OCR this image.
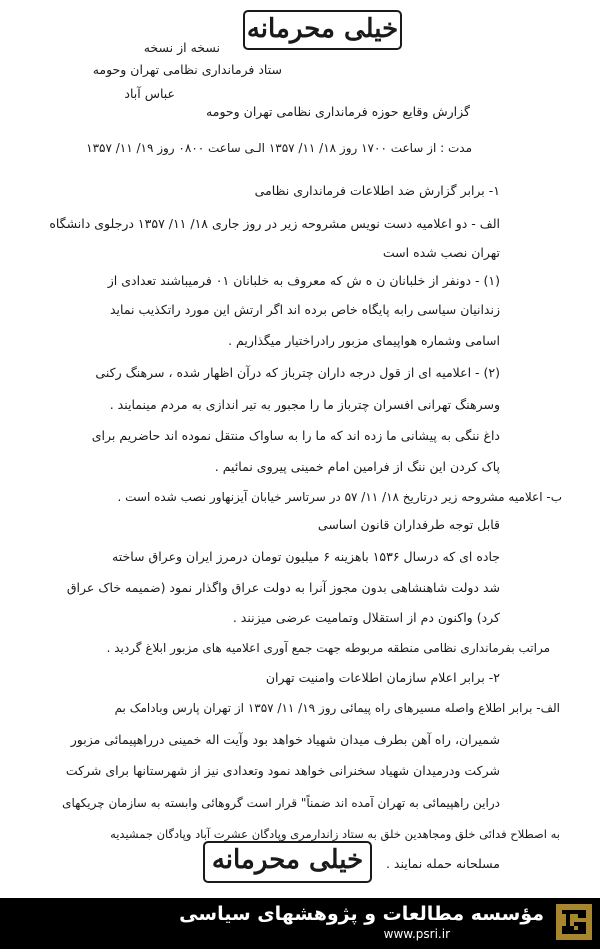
خیلی محرمانه
نسخه از نسخه
ستاد فرمانداری نظامی تهران وحومه
عباس آباد
گزارش وقایع حوزه فرمانداری نظامی تهران وحومه
مدت : از ساعت ۱۷۰۰ روز ۱۸/ ۱۱/ ۱۳۵۷ الـی ساعت ۰۸۰۰ روز ۱۹/ ۱۱/ ۱۳۵۷
۱- برابر گزارش ضد اطلاعات فرمانداری نظامی
الف - دو اعلامیه دست نویس مشروحه زیر در روز جاری ۱۸/ ۱۱/ ۱۳۵۷ درجلوی دانشگاه
تهران نصب شده است
(۱) - دونفر از خلبانان ن ه ش که معروف به خلبانان ۰۱ فرمیباشند تعدادی از
زندانیان سیاسی رابه پایگاه خاص برده اند اگر ارتش این مورد راتکذیب نماید
اسامی وشماره هواپیمای مزبور رادراختیار میگذاریم .
(۲) - اعلامیه ای از قول درجه داران چترباز که درآن اظهار شده ، سرهنگ رکنی
وسرهنگ تهرانی افسران چترباز ما را مجبور به تیر اندازی به مردم مینمایند .
داغ ننگی به پیشانی ما زده اند که ما را به ساواک منتقل نموده اند حاضریم برای
پاک کردن این ننگ از فرامین امام خمینی پیروی نمائیم .
ب- اعلامیه مشروحه زیر درتاریخ ۱۸/ ۱۱/ ۵۷ در سرتاسر خیابان آیزنهاور نصب شده است .
قابل توجه طرفداران قانون اساسی
جاده ای که درسال ۱۵۳۶ باهزینه ۶ میلیون تومان درمرز ایران وعراق ساخته
شد دولت شاهنشاهی بدون مجوز آنرا به دولت عراق واگذار نمود (ضمیمه خاک عراق
کرد) واکنون دم از استقلال وتمامیت عرضی میزنند .
مراتب بفرمانداری نظامی منطقه مربوطه جهت جمع آوری اعلامیه های مزبور ابلاغ گردید .
۲- برابر اعلام سازمان اطلاعات وامنیت تهران
الف- برابر اطلاع واصله مسیرهای راه پیمائی روز ۱۹/ ۱۱/ ۱۳۵۷ از تهران پارس وبادامک بم
شمیران، راه آهن بطرف میدان شهیاد خواهد بود وآیت اله خمینی درراهپیمائی مزبور
شرکت ودرمیدان شهیاد سخنرانی خواهد نمود وتعدادی نیز از شهرستانها برای شرکت
دراین راهپیمائی به تهران آمده اند ضمناً" قرار است گروهائی وابسته به سازمان چریکهای
به اصطلاح فدائی خلق ومجاهدین خلق به ستاد زاندارمری وپادگان عشرت آباد وپادگان جمشیدیه
مسلحانه حمله نمایند .
خیلی محرمانه
مؤسسه مطالعات و پژوهشهای سیاسی
www.psri.ir
